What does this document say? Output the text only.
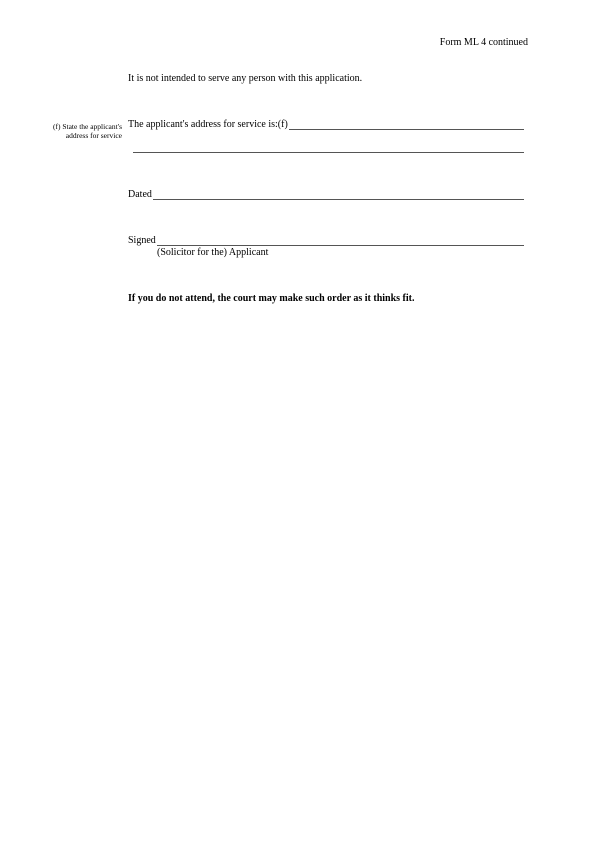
Form ML 4 continued
It is not intended to serve any person with this application.
(f) State the applicant's
address for service
The applicant's address for service is:(f)
Dated
Signed
(Solicitor for the) Applicant
If you do not attend, the court may make such order as it thinks fit.
